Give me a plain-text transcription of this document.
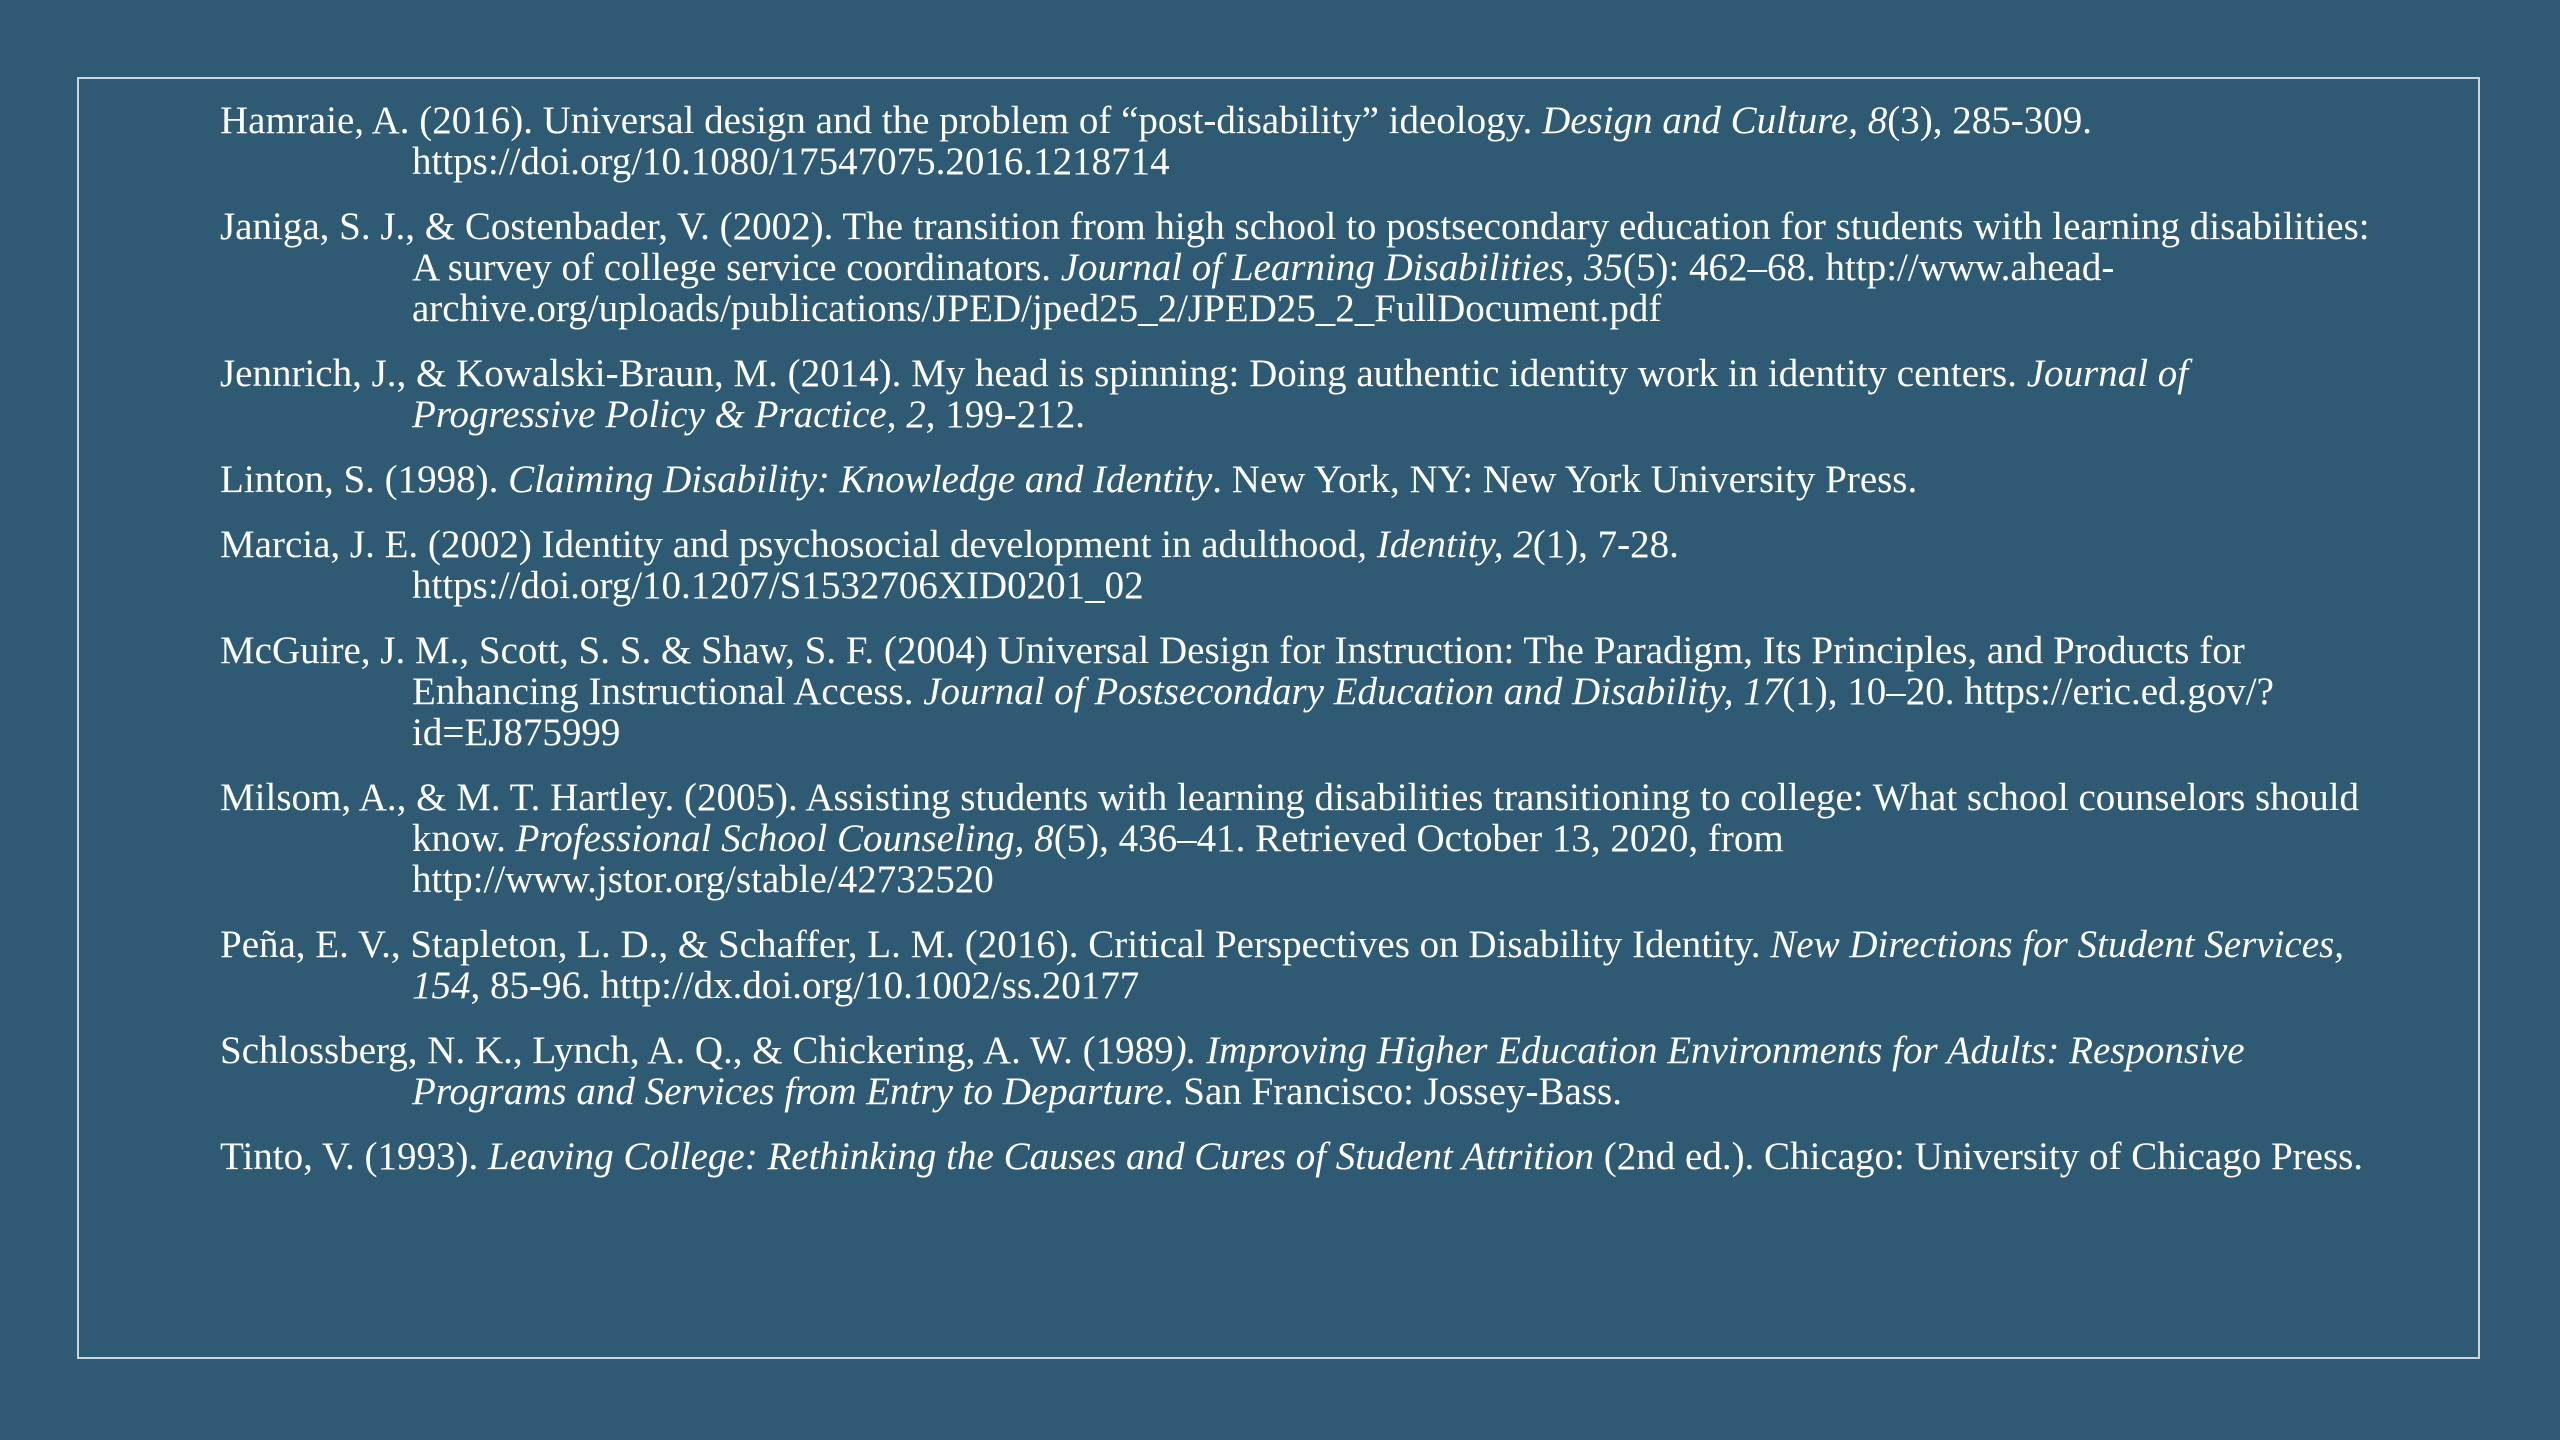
Hamraie, A. (2016). Universal design and the problem of “post-disability” ideology. Design and Culture, 8(3), 285-309. https://doi.org/10.1080/17547075.2016.1218714

Janiga, S. J., & Costenbader, V. (2002). The transition from high school to postsecondary education for students with learning disabilities: A survey of college service coordinators. Journal of Learning Disabilities, 35(5): 462–68. http://www.ahead-archive.org/uploads/publications/JPED/jped25_2/JPED25_2_FullDocument.pdf

Jennrich, J., & Kowalski-Braun, M. (2014). My head is spinning: Doing authentic identity work in identity centers. Journal of Progressive Policy & Practice, 2, 199-212.

Linton, S. (1998). Claiming Disability: Knowledge and Identity. New York, NY: New York University Press.

Marcia, J. E. (2002) Identity and psychosocial development in adulthood, Identity, 2(1), 7-28. https://doi.org/10.1207/S1532706XID0201_02

McGuire, J. M., Scott, S. S. & Shaw, S. F. (2004) Universal Design for Instruction: The Paradigm, Its Principles, and Products for Enhancing Instructional Access. Journal of Postsecondary Education and Disability, 17(1), 10–20. https://eric.ed.gov/?id=EJ875999

Milsom, A., & M. T. Hartley. (2005). Assisting students with learning disabilities transitioning to college: What school counselors should know. Professional School Counseling, 8(5), 436–41. Retrieved October 13, 2020, from http://www.jstor.org/stable/42732520

Peña, E. V., Stapleton, L. D., & Schaffer, L. M. (2016). Critical Perspectives on Disability Identity. New Directions for Student Services, 154, 85-96. http://dx.doi.org/10.1002/ss.20177

Schlossberg, N. K., Lynch, A. Q., & Chickering, A. W. (1989). Improving Higher Education Environments for Adults: Responsive Programs and Services from Entry to Departure. San Francisco: Jossey-Bass.

Tinto, V. (1993). Leaving College: Rethinking the Causes and Cures of Student Attrition (2nd ed.). Chicago: University of Chicago Press.
